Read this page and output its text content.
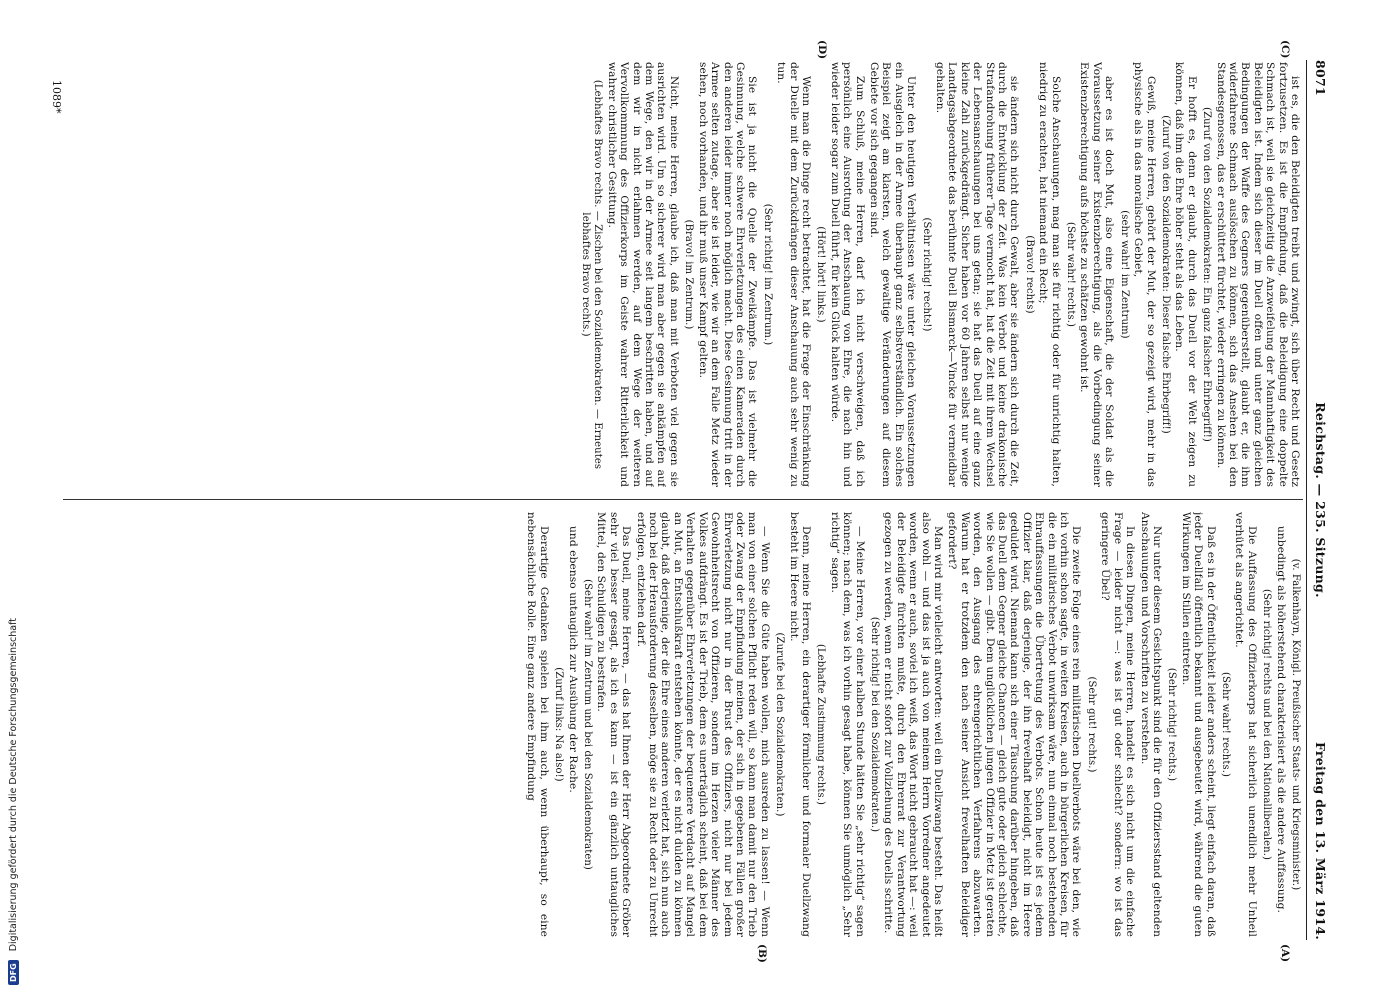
8071
Reichstag. — 235. Sitzung.
Freitag den 13. März 1914.
(C)
(D)
(A)
(B)

ist es, die den Beleidigten treibt und zwingt, sich über Recht und Gesetz fortzusetzen. Es ist die Empfindung, daß die Beleidigung eine doppelte Schmach ist, weil sie gleichzeitig die Anzweifelung der Mannhaftigkeit des Beleidigten ist. Indem sich dieser im Duell offen und unter ganz gleichen Bedingungen der Waffe des Gegners gegenüberstellt, glaubt er, die ihm widerfahrene Schmach auslöschen zu können, sich das Ansehen bei den Standesgenossen, das er erschüttert fürchtet, wieder erringen zu können.

(Zuruf von den Sozialdemokraten: Ein ganz falscher Ehrbegriff!)

Er hofft es, denn er glaubt, durch das Duell vor der Welt zeigen zu können, daß ihm die Ehre höher steht als das Leben.

(Zuruf von den Sozialdemokraten: Dieser falsche Ehrbegriff!)

Gewiß, meine Herren, gehört der Mut, der so gezeigt wird, mehr in das physische als in das moralische Gebiet,

(sehr wahr! im Zentrum)

aber es ist doch Mut, also eine Eigenschaft, die der Soldat als die Voraussetzung seiner Existenzberechtigung, als die Vorbedingung seiner Existenzberechtigung aufs höchste zu schätzen gewohnt ist.

(Sehr wahr! rechts.)

Solche Anschauungen, mag man sie für richtig oder für unrichtig halten, niedrig zu erachten, hat niemand ein Recht;

(Bravo! rechts)

sie ändern sich nicht durch Gewalt, aber sie ändern sich durch die Zeit, durch die Entwicklung der Zeit. Was kein Verbot und keine drakonische Strafandrohung früherer Tage vermocht hat, hat die Zeit mit ihrem Wechsel der Lebensanschauungen bei uns getan; sie hat das Duell auf eine ganz kleine Zahl zurückgedrängt. Sicher haben vor 60 Jahren selbst nur wenige Landtagsabgeordnete das berühmte Duell Bismarck—Vincke für vermeidbar gehalten.

(Sehr richtig! rechts!)

Unter den heutigen Verhältnissen wäre unter gleichen Voraussetzungen ein Ausgleich in der Armee überhaupt ganz selbstverständlich. Ein solches Beispiel zeigt am klarsten, welch gewaltige Veränderungen auf diesem Gebiete vor sich gegangen sind.

Zum Schluß, meine Herren, darf ich nicht verschweigen, daß ich persönlich eine Ausrottung der Anschauung von Ehre, die nach hin und wieder leider sogar zum Duell führt, für kein Glück halten würde.

(Hört! hört! links.)

Wenn man die Dinge recht betrachtet, hat die Frage der Einschränkung der Duelle mit dem Zurückdrängen dieser Anschauung auch sehr wenig zu tun.

(Sehr richtig! im Zentrum.)

Sie ist ja nicht die Quelle der Zweikämpfe. Das ist vielmehr die Gesinnung, welche schwere Ehrverletzungen des einen Kameraden durch den anderen leider immer noch möglich macht. Diese Gesinnung tritt in der Armee selten zutage, aber sie ist leider, wie wir an dem Falle Metz wieder sehen, noch vorhanden, und ihr muß unser Kampf gelten.

(Bravo! im Zentrum.)

Nicht, meine Herren, glaube ich, daß man mit Verboten viel gegen sie ausrichten wird. Um so sicherer wird man aber gegen sie ankämpfen auf dem Wege, den wir in der Armee seit langem beschritten haben, und auf dem wir in nicht erlahmen werden, auf dem Wege der weiteren Vervollkommnung des Offizierkorps im Geiste wahrer Ritterlichkeit und wahrer christlicher Gesittung.

(Lebhaftes Bravo rechts. — Zischen bei den Sozialdemokraten. — Erneutes lebhaftes Bravo rechts.)

(v. Falkenhayn, Königl. Preußischer Staats- und Kriegsminister.)

unbedingt als höherstehend charakterisiert als die andere Auffassung.

(Sehr richtig! rechts und bei den Nationalliberalen.)

Die Auffassung des Offizierkorps hat sicherlich unendlich mehr Unheil verhütet als angerichtet.

(Sehr wahr! rechts.)

Daß es in der Öffentlichkeit leider anders scheint, liegt einfach daran, daß jeder Duellfall öffentlich bekannt und ausgebeutet wird, während die guten Wirkungen im Stillen eintreten.

(Sehr richtig! rechts.)

Nur unter diesem Gesichtspunkt sind die für den Offiziersstand geltenden Anschauungen und Vorschriften zu verstehen.

In diesen Dingen, meine Herren, handelt es sich nicht um die einfache Frage — leider nicht —: was ist gut oder schlecht? sondern: wo ist das geringere Übel?

(Sehr gut! rechts.)

Die zweite Folge eines rein militärischen Duellverbots wäre bei den, wie ich vorhin schon sagte, in weiten Kreisen, auch in bürgerlichen Kreisen, für die ein militärisches Verbot unwirksam wäre, nun einmal noch bestehenden Ehrauffassungen die Übertretung des Verbots. Schon heute ist es jedem Offizier klar, daß derjenige, der ihn frevelhaft beleidigt, nicht im Heere geduldet wird. Niemand kann sich einer Täuschung darüber hingeben, daß das Duell dem Gegner gleiche Chancen — gleich gute oder gleich schlechte, wie Sie wollen — gibt. Dem unglücklichen jungen Offizier in Metz ist geraten worden, den Ausgang des ehrengerichtlichen Verfahrens abzuwarten. Warum hat er trotzdem den nach seiner Ansicht frevelhaften Beleidiger gefordert?

Man wird mir vielleicht antworten: weil ein Duellzwang besteht. Das heißt also wohl — und das ist ja auch von meinem Herrn Vorredner angedeutet worden, wenn er auch, soviel ich weiß, das Wort nicht gebraucht hat —: weil der Beleidigte fürchten mußte, durch den Ehrenrat zur Verantwortung gezogen zu werden, wenn er nicht sofort zur Vollziehung des Duells schritte.

(Sehr richtig! bei den Sozialdemokraten.)

— Meine Herren, vor einer halben Stunde hätten Sie „sehr richtig“ sagen können; nach dem, was ich vorhin gesagt habe, können Sie unmöglich „Sehr richtig“ sagen.

(Lebhafte Zustimmung rechts.)

Denn, meine Herren, ein derartiger förmlicher und formaler Duellzwang besteht im Heere nicht.

(Zurufe bei den Sozialdemokraten.)

— Wenn Sie die Güte haben wollen, mich ausreden zu lassen! — Wenn man von einer solchen Pflicht reden will, so kann man damit nur den Trieb oder Zwang der Empfindung meinen, der sich in gegebenen Fällen großer Ehrverletzung nicht nur in der Brust des Offiziers, nicht nur bei jedem Gewohnheitsrecht von Offizieren, sondern im Herzen vieler Männer des Volkes aufdrängt. Es ist der Trieb, dem es unerträglich scheint, daß bei dem Verhalten gegenüber Ehrverletzungen der bequemere Verdacht auf Mangel an Mut, an Entschlußkraft entstehen könnte, der es nicht dulden zu können glaubt, daß derjenige, der die Ehre eines anderen verletzt hat, sich nun auch noch bei der Herausforderung desselben, möge sie zu Recht oder zu Unrecht erfolgen, entziehen darf.

Das Duell, meine Herren, — das hat Ihnen der Herr Abgeordnete Gröber sehr viel besser gesagt, als ich es kann — ist ein gänzlich untaugliches Mittel, den Schuldigen zu bestrafen.

(Sehr wahr! im Zentrum und bei den Sozialdemokraten)

und ebenso untauglich zur Ausübung der Rache.

(Zuruf links: Na also!)

Derartige Gedanken spielen bei ihm auch, wenn überhaupt, so eine nebensächliche Rolle. Eine ganz andere Empfindung

1089*
DFG Digitalisierung gefördert durch die Deutsche Forschungsgemeinschaft
